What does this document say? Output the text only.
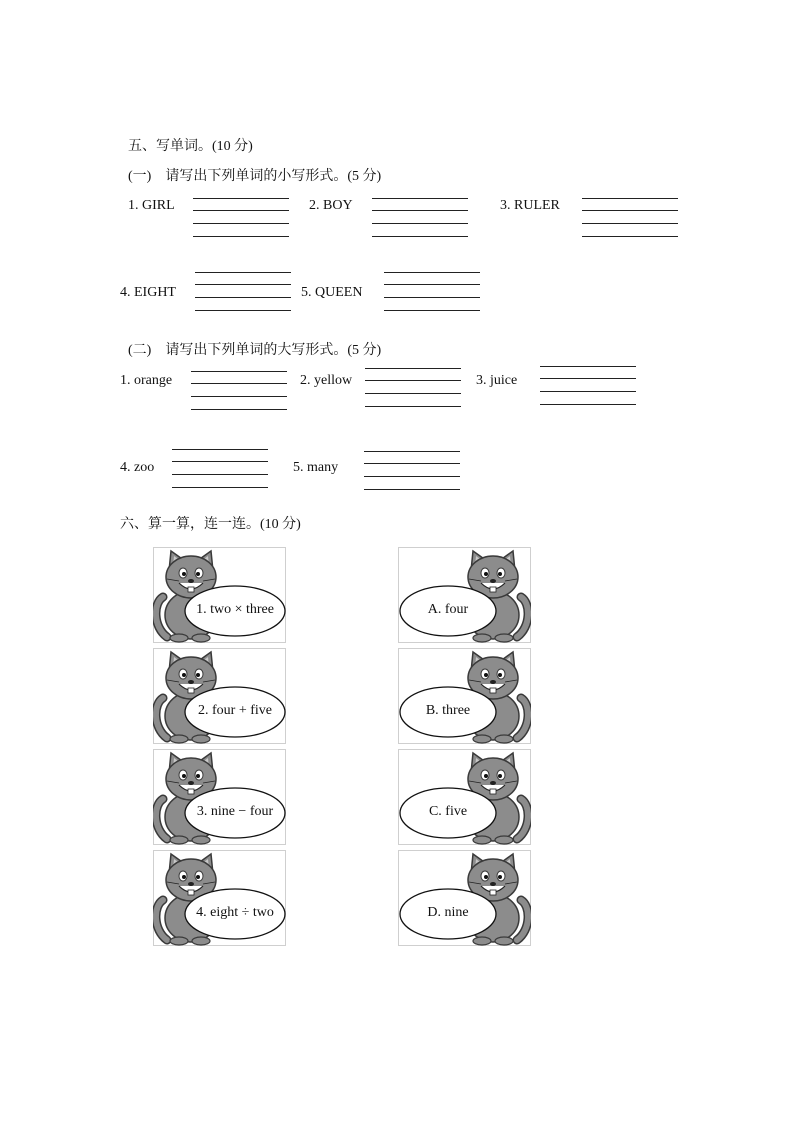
五、写单词。(10 分)
(一)　请写出下列单词的小写形式。(5 分)
1. GIRL	2. BOY	3. RULER
4. EIGHT	5. QUEEN
(二)　请写出下列单词的大写形式。(5 分)
1. orange	2. yellow	3. juice
4. zoo	5. many
六、算一算，连一连。(10 分)
1. two × three
2. four + five
3. nine − four
4. eight ÷ two
A. four
B. three
C. five
D. nine
